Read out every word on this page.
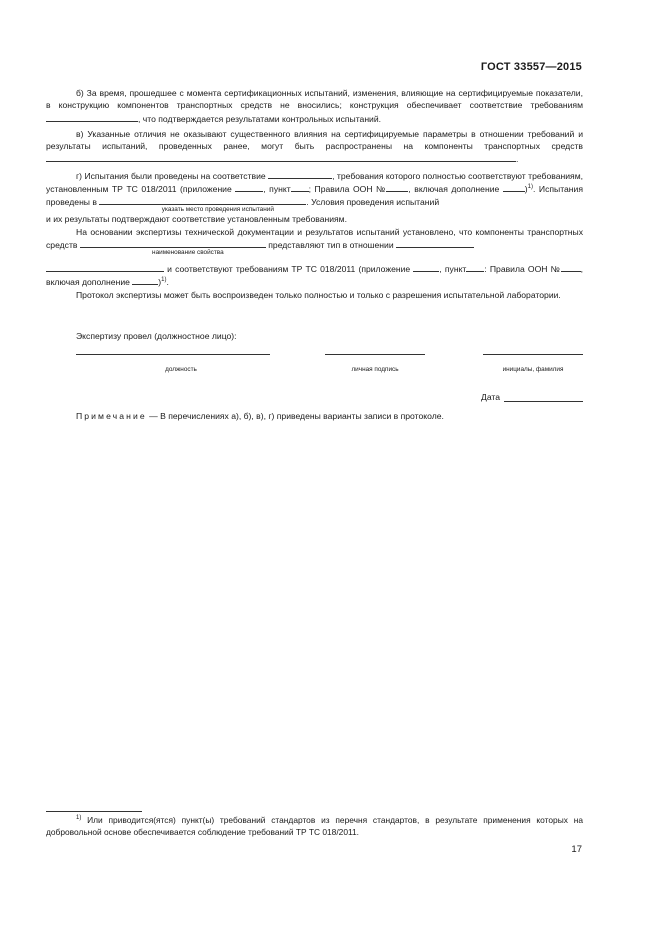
ГОСТ 33557—2015

б) За время, прошедшее с момента сертификационных испытаний, изменения, влияющие на сертифицируемые показатели, в конструкцию компонентов транспортных средств не вносились; конструкция обеспечивает соответствие требованиям , что подтверждается результатами контрольных испытаний.

в) Указанные отличия не оказывают существенного влияния на сертифицируемые параметры в отношении требований и результаты испытаний, проведенных ранее, могут быть распространены на компоненты транспортных средств .

г) Испытания были проведены на соответствие	, требования которого полностью соответствуют требованиям, установленным ТР ТС 018/2011 (приложение	, пункт ; Правила ООН №	, включая дополнение	)$^{1)}$. Испытания проведены в
указать место проведения испытаний
. Условия проведения испытаний

и их результаты подтверждают соответствие установленным требованиям.

На основании экспертизы технической документации и результатов испытаний установлено, что компоненты транспортных средств
наименование свойства
представляют тип в отношении

и соответствуют требованиям ТР ТС 018/2011 (приложение	, пункт : Правила ООН № , включая дополнение	)$^{1)}$.

Протокол экспертизы может быть воспроизведен только полностью и только с разрешения испытательной лаборатории.

Экспертизу провел (должностное лицо):
должность	личная подпись	инициалы, фамилия
Дата
Примечание — В перечислениях а), б), в), г) приведены варианты записи в протоколе.

$^{1)}$ Или приводится(ятся) пункт(ы) требований стандартов из перечня стандартов, в результате применения которых на добровольной основе обеспечивается соблюдение требований ТР ТС 018/2011.

17
